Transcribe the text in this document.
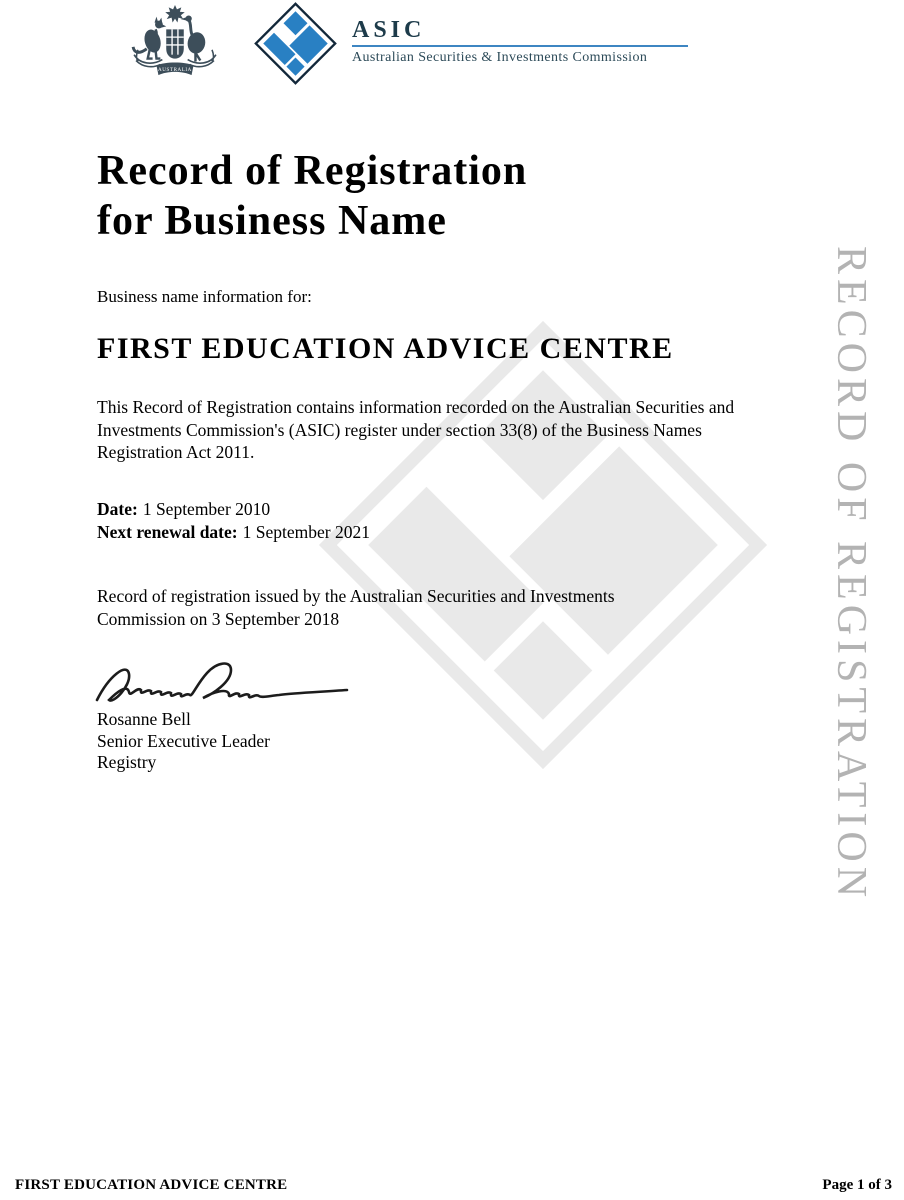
RECORD OF REGISTRATION
AUSTRALIA
ASIC
Australian Securities & Investments Commission
Record of Registration
for Business Name
Business name information for:
FIRST EDUCATION ADVICE CENTRE
This Record of Registration contains information recorded on the Australian Securities and Investments Commission's (ASIC) register under section 33(8) of the Business Names Registration Act 2011.
Date: 1 September 2010
Next renewal date: 1 September 2021
Record of registration issued by the Australian Securities and Investments Commission on 3 September 2018
Rosanne Bell
Senior Executive Leader
Registry
FIRST EDUCATION ADVICE CENTRE	Page 1 of 3
